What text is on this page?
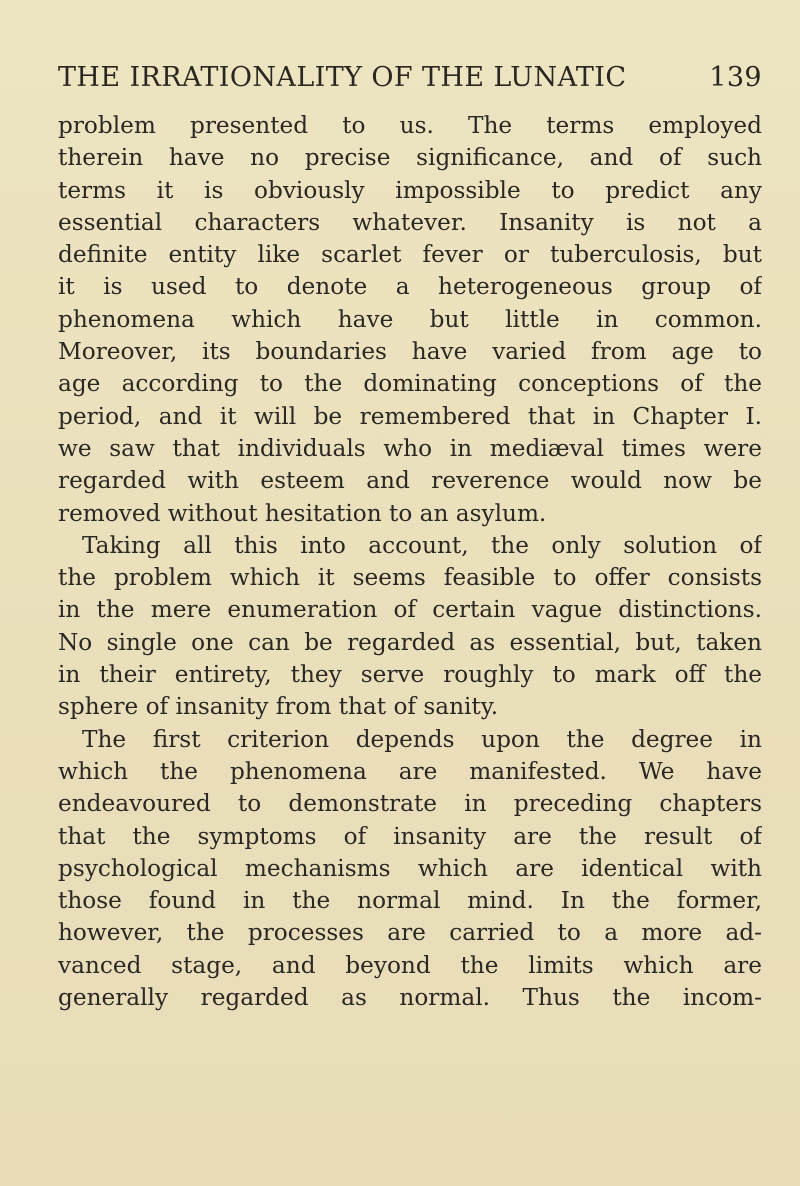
THE IRRATIONALITY OF THE LUNATIC	139
problem presented to us. The terms employed
therein have no precise significance, and of such
terms it is obviously impossible to predict any
essential characters whatever. Insanity is not a
definite entity like scarlet fever or tuberculosis, but
it is used to denote a heterogeneous group of
phenomena which have but little in common.
Moreover, its boundaries have varied from age to
age according to the dominating conceptions of the
period, and it will be remembered that in Chapter I.
we saw that individuals who in mediæval times were
regarded with esteem and reverence would now be
removed without hesitation to an asylum.
Taking all this into account, the only solution of
the problem which it seems feasible to offer consists
in the mere enumeration of certain vague distinctions.
No single one can be regarded as essential, but, taken
in their entirety, they serve roughly to mark off the
sphere of insanity from that of sanity.
The first criterion depends upon the degree in
which the phenomena are manifested. We have
endeavoured to demonstrate in preceding chapters
that the symptoms of insanity are the result of
psychological mechanisms which are identical with
those found in the normal mind. In the former,
however, the processes are carried to a more ad-
vanced stage, and beyond the limits which are
generally regarded as normal. Thus the incom-
